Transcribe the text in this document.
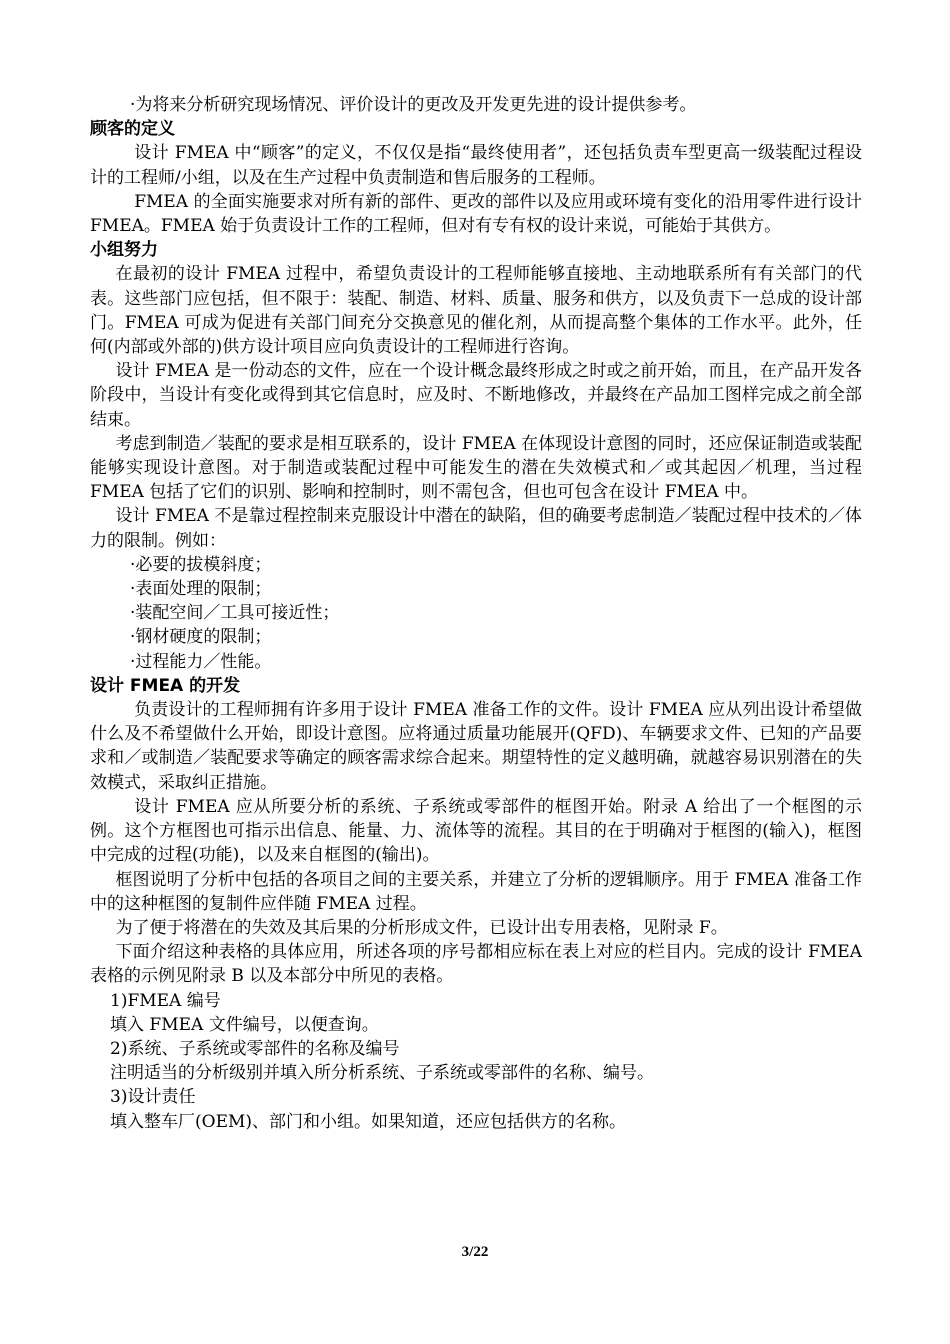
·为将来分析研究现场情况、评价设计的更改及开发更先进的设计提供参考。

顾客的定义

设计 FMEA 中“顾客”的定义，不仅仅是指“最终使用者”，还包括负责车型更高一级装配过程设计的工程师/小组，以及在生产过程中负责制造和售后服务的工程师。

FMEA 的全面实施要求对所有新的部件、更改的部件以及应用或环境有变化的沿用零件进行设计 FMEA。FMEA 始于负责设计工作的工程师，但对有专有权的设计来说，可能始于其供方。

小组努力

在最初的设计 FMEA 过程中，希望负责设计的工程师能够直接地、主动地联系所有有关部门的代表。这些部门应包括，但不限于：装配、制造、材料、质量、服务和供方，以及负责下一总成的设计部门。FMEA 可成为促进有关部门间充分交换意见的催化剂，从而提高整个集体的工作水平。此外，任何(内部或外部的)供方设计项目应向负责设计的工程师进行咨询。

设计 FMEA 是一份动态的文件，应在一个设计概念最终形成之时或之前开始，而且，在产品开发各阶段中，当设计有变化或得到其它信息时，应及时、不断地修改，并最终在产品加工图样完成之前全部结束。

考虑到制造／装配的要求是相互联系的，设计 FMEA 在体现设计意图的同时，还应保证制造或装配能够实现设计意图。对于制造或装配过程中可能发生的潜在失效模式和／或其起因／机理，当过程 FMEA 包括了它们的识别、影响和控制时，则不需包含，但也可包含在设计 FMEA 中。

设计 FMEA 不是靠过程控制来克服设计中潜在的缺陷，但的确要考虑制造／装配过程中技术的／体力的限制。例如：

·必要的拔模斜度；

·表面处理的限制；

·装配空间／工具可接近性；

·钢材硬度的限制；

·过程能力／性能。

设计 FMEA 的开发

负责设计的工程师拥有许多用于设计 FMEA 准备工作的文件。设计 FMEA 应从列出设计希望做什么及不希望做什么开始，即设计意图。应将通过质量功能展开(QFD)、车辆要求文件、已知的产品要求和／或制造／装配要求等确定的顾客需求综合起来。期望特性的定义越明确，就越容易识别潜在的失效模式，采取纠正措施。

设计 FMEA 应从所要分析的系统、子系统或零部件的框图开始。附录 A 给出了一个框图的示例。这个方框图也可指示出信息、能量、力、流体等的流程。其目的在于明确对于框图的(输入)，框图中完成的过程(功能)，以及来自框图的(输出)。

框图说明了分析中包括的各项目之间的主要关系，并建立了分析的逻辑顺序。用于 FMEA 准备工作中的这种框图的复制件应伴随 FMEA 过程。

为了便于将潜在的失效及其后果的分析形成文件，已设计出专用表格，见附录 F。

下面介绍这种表格的具体应用，所述各项的序号都相应标在表上对应的栏目内。完成的设计 FMEA 表格的示例见附录 B 以及本部分中所见的表格。

1)FMEA 编号

填入 FMEA 文件编号，以便查询。

2)系统、子系统或零部件的名称及编号

注明适当的分析级别并填入所分析系统、子系统或零部件的名称、编号。

3)设计责任

填入整车厂(OEM)、部门和小组。如果知道，还应包括供方的名称。

3/22
